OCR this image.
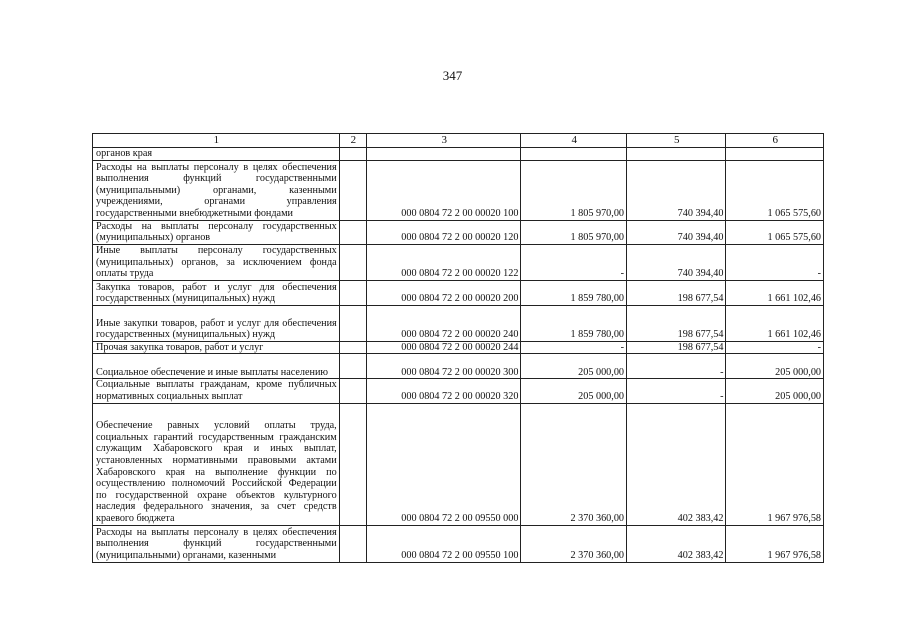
347
1	2	3	4	5	6
органов края					
Расходы на выплаты персоналу в целях обеспечения выполнения функций государственными (муниципальными) органами, казенными учреждениями, органами управления государственными внебюджетными фондами		000 0804 72 2 00 00020 100	1 805 970,00	740 394,40	1 065 575,60
Расходы на выплаты персоналу государственных (муниципальных) органов		000 0804 72 2 00 00020 120	1 805 970,00	740 394,40	1 065 575,60
Иные выплаты персоналу государственных (муниципальных) органов, за исключением фонда оплаты труда		000 0804 72 2 00 00020 122	-	740 394,40	-
Закупка товаров, работ и услуг для обеспечения государственных (муниципальных) нужд		000 0804 72 2 00 00020 200	1 859 780,00	198 677,54	1 661 102,46
Иные закупки товаров, работ и услуг для обеспечения государственных (муниципальных) нужд		000 0804 72 2 00 00020 240	1 859 780,00	198 677,54	1 661 102,46
Прочая закупка товаров, работ и услуг		000 0804 72 2 00 00020 244	-	198 677,54	-
Социальное обеспечение и иные выплаты населению		000 0804 72 2 00 00020 300	205 000,00	-	205 000,00
Социальные выплаты гражданам, кроме публичных нормативных социальных выплат		000 0804 72 2 00 00020 320	205 000,00	-	205 000,00
Обеспечение равных условий оплаты труда, социальных гарантий государственным гражданским служащим Хабаровского края и иных выплат, установленных нормативными правовыми актами Хабаровского края на выполнение функции по осуществлению полномочий Российской Федерации по государственной охране объектов культурного наследия федерального значения, за счет средств краевого бюджета		000 0804 72 2 00 09550 000	2 370 360,00	402 383,42	1 967 976,58
Расходы на выплаты персоналу в целях обеспечения выполнения функций государственными (муниципальными) органами, казенными		000 0804 72 2 00 09550 100	2 370 360,00	402 383,42	1 967 976,58
